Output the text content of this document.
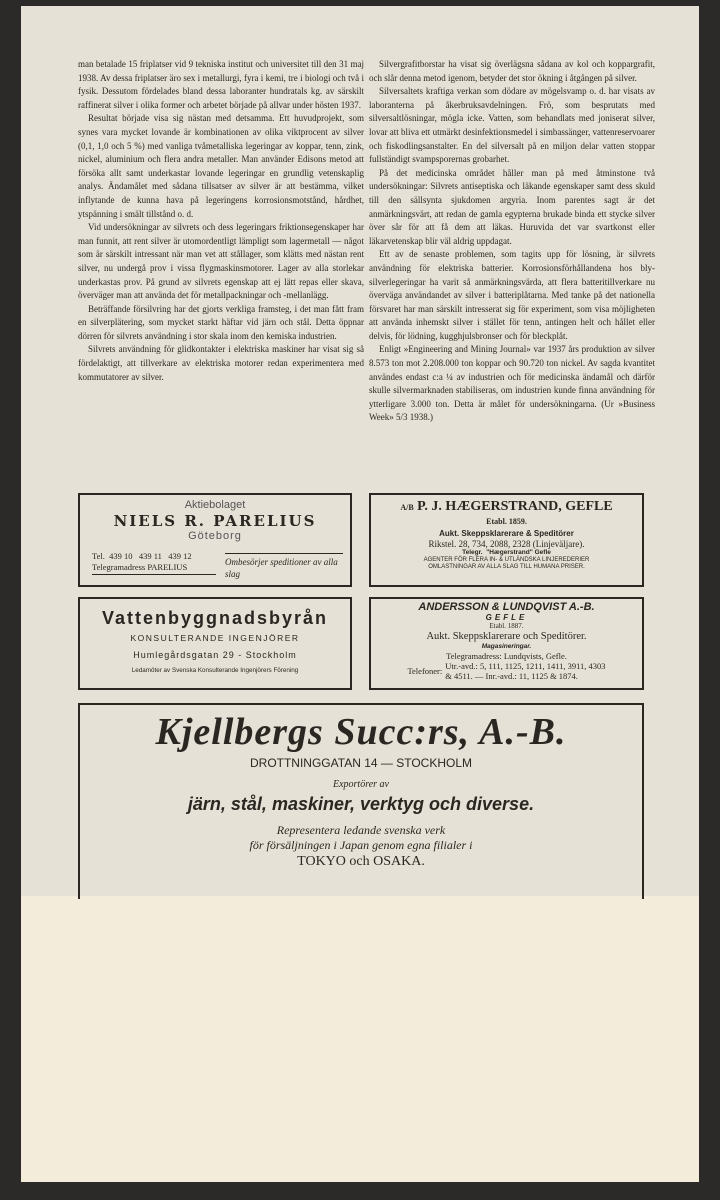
man betalade 15 friplatser vid 9 tekniska institut och universitet till den 31 maj 1938. Av dessa friplatser äro sex i metallurgi, fyra i kemi, tre i biologi och två i fysik. Dessutom fördelades bland dessa laboranter hundratals kg. av särskilt raffinerat silver i olika former och arbetet började på allvar under hösten 1937.

Resultat började visa sig nästan med detsamma. Ett huvudprojekt, som synes vara mycket lovande är kombinationen av olika viktprocent av silver (0,1, 1,0 och 5 %) med vanliga tvåmetalliska legeringar av koppar, tenn, zink, nickel, aluminium och flera andra metaller. Man använder Edisons metod att försöka allt samt underkastar lovande legeringar en grundlig vetenskaplig analys. Ändamålet med sådana tillsatser av silver är att bestämma, vilket inflytande de kunna hava på legeringens korrosionsmotstånd, hårdhet, ytspänning i smält tillstånd o. d.

Vid undersökningar av silvrets och dess legeringars friktionsegenskaper har man funnit, att rent silver är utomordentligt lämpligt som lagermetall — något som är särskilt intressant när man vet att stållager, som klätts med nästan rent silver, nu undergå prov i vissa flygmaskinsmotorer. Lager av alla storlekar underkastas prov. På grund av silvrets egenskap att ej lätt repas eller skava, överväger man att använda det för metallpackningar och -mellanlägg.

Beträffande försilvring har det gjorts verkliga framsteg, i det man fått fram en silverplätering, som mycket starkt häftar vid järn och stål. Detta öppnar dörren för silvrets användning i stor skala inom den kemiska industrien.

Silvrets användning för glidkontakter i elektriska maskiner har visat sig så fördelaktigt, att tillverkare av elektriska motorer redan experimentera med kommutatorer av silver.

Silvergrafitborstar ha visat sig överlägsna sådana av kol och koppargrafit, och slår denna metod igenom, betyder det stor ökning i åtgången på silver.

Silversaltets kraftiga verkan som dödare av mögelsvamp o. d. har visats av laboranterna på åkerbruksavdelningen. Frö, som besprutats med silversaltlösningar, mögla icke. Vatten, som behandlats med joniserat silver, lovar att bliva ett utmärkt desinfektionsmedel i simbassänger, vattenreservoarer och fiskodlingsanstalter. En del silversalt på en miljon delar vatten stoppar fullständigt svampsporernas grobarhet.

På det medicinska området håller man på med åtminstone två undersökningar: Silvrets antiseptiska och läkande egenskaper samt dess skuld till den sällsynta sjukdomen argyria. Inom parentes sagt är det anmärkningsvärt, att redan de gamla egypterna brukade binda ett stycke silver över sår för att få dem att läkas. Huruvida det var svartkonst eller läkarvetenskap blir väl aldrig uppdagat.

Ett av de senaste problemen, som tagits upp för lösning, är silvrets användning för elektriska batterier. Korrosionsförhållandena hos bly-silverlegeringar ha varit så anmärkningsvärda, att flera batteritillverkare nu överväga användandet av silver i batteriplåtarna. Med tanke på det nationella försvaret har man särskilt intresserat sig för experiment, som visa möjligheten att använda inhemskt silver i stället för tenn, antingen helt och hållet eller delvis, för lödning, kugghjulsbronser och för bleckplåt.

Enligt »Engineering and Mining Journal» var 1937 års produktion av silver 8.573 ton mot 2.208.000 ton koppar och 90.720 ton nickel. Av sagda kvantitet användes endast c:a ¼ av industrien och för medicinska ändamål och därför skulle silvermarknaden stabiliseras, om industrien kunde finna användning för ytterligare 3.000 ton. Detta är målet för undersökningarna. (Ur »Business Week» 5/3 1938.)

Aktiebolaget
NIELS R. PARELIUS
Göteborg
Tel.  439 10   439 11   439 12
Telegramadress PARELIUS	Ombesörjer speditioner av alla slag
A/B P. J. HÆGERSTRAND, GEFLE
Etabl. 1859.
Aukt. Skeppsklarerare & Speditörer
Rikstel. 28, 734, 2088, 2328 (Linjeväljare).
Telegr.  "Hægerstrand" Gefle
AGENTER FÖR FLERA IN- & UTLÄNDSKA LINJEREDERIER
OMLASTNINGAR AV ALLA SLAG TILL HUMANA PRISER.
Vattenbyggnadsbyrån
KONSULTERANDE INGENJÖRER
Humlegårdsgatan 29 - Stockholm
Ledamöter av Svenska Konsulterande Ingenjörers Förening
ANDERSSON & LUNDQVIST A.-B.
GEFLE
Etabl. 1887.
Aukt. Skeppsklarerare och Speditörer.
Magasineringar.
Telegramadress: Lundqvists, Gefle.
Telefoner: Utr.-avd.: 5, 111, 1125, 1211, 1411, 3911, 4303
& 4511. — Inr.-avd.: 11, 1125 & 1874.
Kjellbergs Succ:rs, A.-B.
DROTTNINGGATAN 14 — STOCKHOLM
Exportörer av
järn, stål, maskiner, verktyg och diverse.
Representera ledande svenska verk
för försäljningen i Japan genom egna filialer i
TOKYO och OSAKA.
